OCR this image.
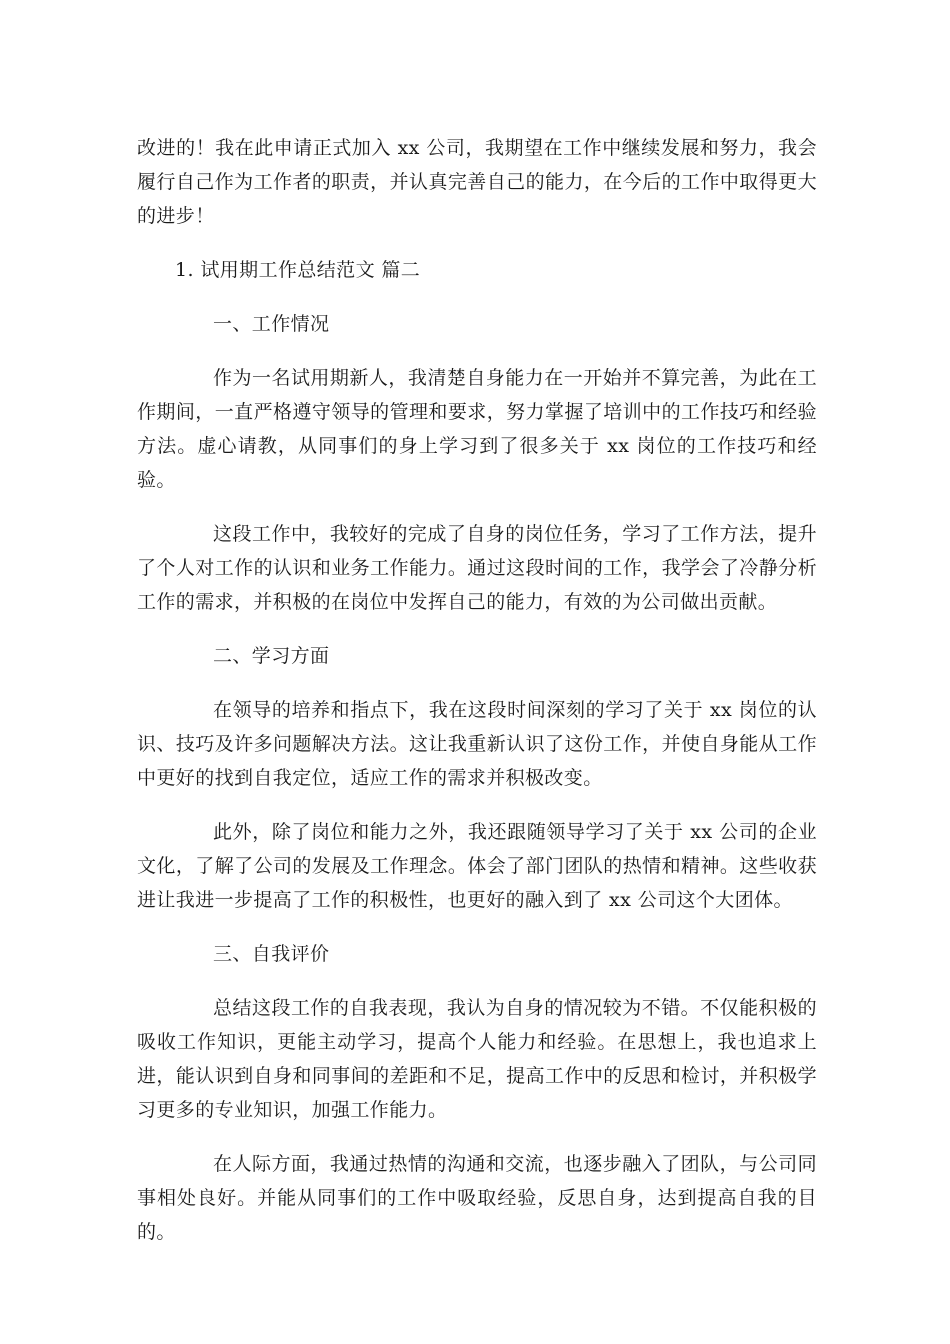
改进的！我在此申请正式加入 xx 公司，我期望在工作中继续发展和努力，我会履行自己作为工作者的职责，并认真完善自己的能力，在今后的工作中取得更大的进步！

1. 试用期工作总结范文 篇二

一、工作情况

作为一名试用期新人，我清楚自身能力在一开始并不算完善，为此在工作期间，一直严格遵守领导的管理和要求，努力掌握了培训中的工作技巧和经验方法。虚心请教，从同事们的身上学习到了很多关于 xx 岗位的工作技巧和经验。

这段工作中，我较好的完成了自身的岗位任务，学习了工作方法，提升了个人对工作的认识和业务工作能力。通过这段时间的工作，我学会了冷静分析工作的需求，并积极的在岗位中发挥自己的能力，有效的为公司做出贡献。

二、学习方面

在领导的培养和指点下，我在这段时间深刻的学习了关于 xx 岗位的认识、技巧及许多问题解决方法。这让我重新认识了这份工作，并使自身能从工作中更好的找到自我定位，适应工作的需求并积极改变。

此外，除了岗位和能力之外，我还跟随领导学习了关于 xx 公司的企业文化，了解了公司的发展及工作理念。体会了部门团队的热情和精神。这些收获进让我进一步提高了工作的积极性，也更好的融入到了 xx 公司这个大团体。

三、自我评价

总结这段工作的自我表现，我认为自身的情况较为不错。不仅能积极的吸收工作知识，更能主动学习，提高个人能力和经验。在思想上，我也追求上进，能认识到自身和同事间的差距和不足，提高工作中的反思和检讨，并积极学习更多的专业知识，加强工作能力。

在人际方面，我通过热情的沟通和交流，也逐步融入了团队，与公司同事相处良好。并能从同事们的工作中吸取经验，反思自身，达到提高自我的目的。
